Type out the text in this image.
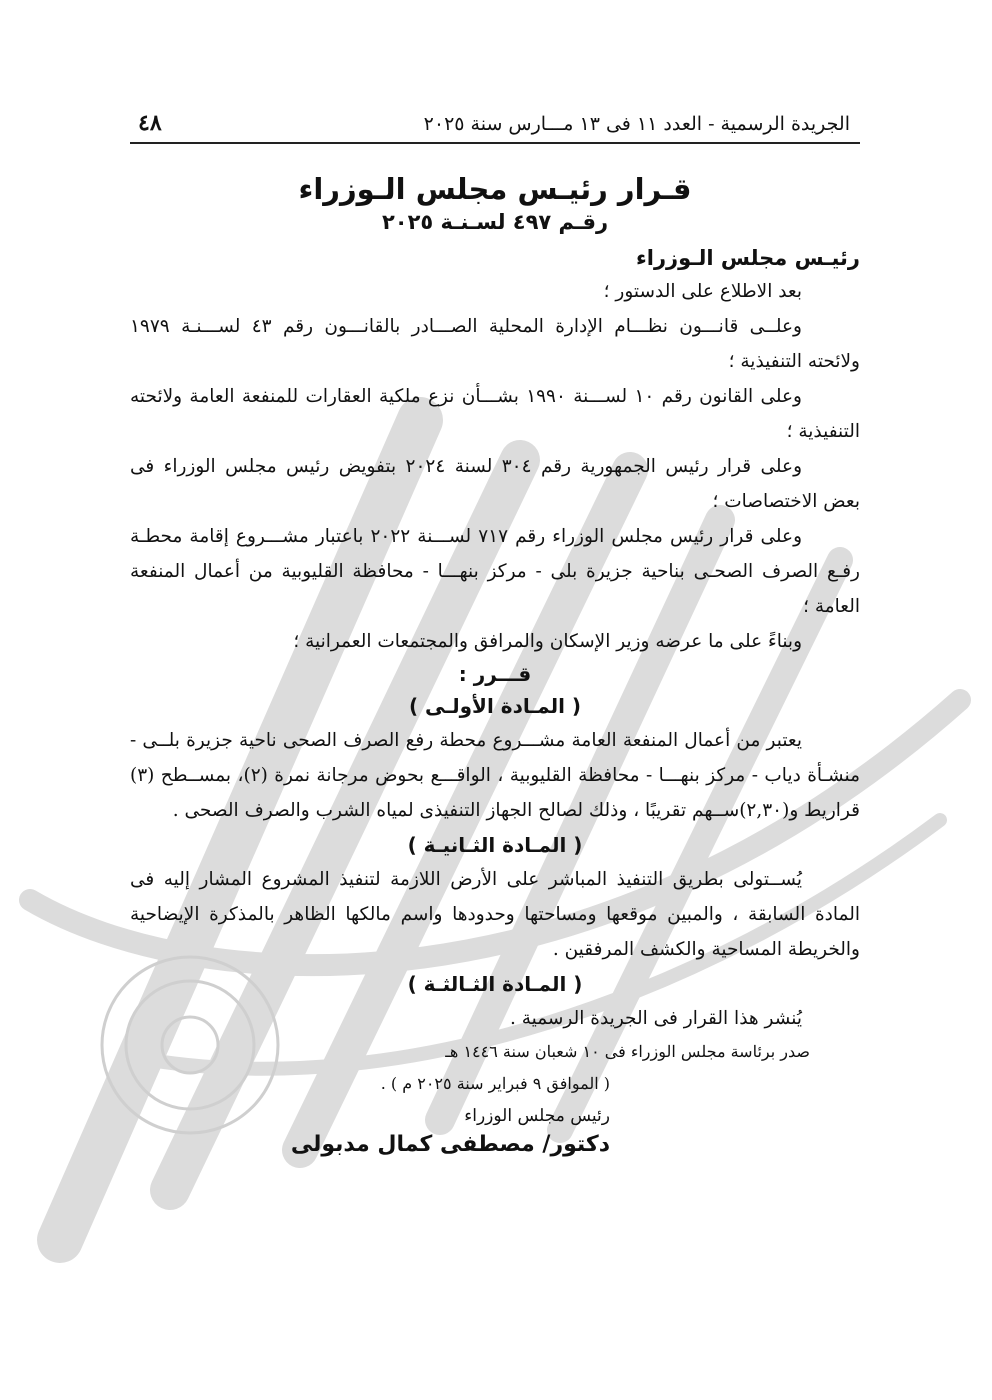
الجريدة الرسمية - العدد ١١ فى ١٣ مـــارس سنة ٢٠٢٥
٤٨
قـرار رئيـس مجلس الـوزراء
رقـم ٤٩٧ لسـنـة ٢٠٢٥
رئيـس مجلس الـوزراء

بعد الاطلاع على الدستور ؛

وعلــى قانـــون نظـــام الإدارة المحلية الصـــادر بالقانـــون رقم ٤٣ لســـنـة ١٩٧٩ ولائحته التنفيذية ؛

وعلى القانون رقم ١٠ لســـنة ١٩٩٠ بشـــأن نزع ملكية العقارات للمنفعة العامة ولائحته التنفيذية ؛

وعلى قرار رئيس الجمهورية رقم ٣٠٤ لسنة ٢٠٢٤ بتفويض رئيس مجلس الوزراء فى بعض الاختصاصات ؛

وعلى قرار رئيس مجلس الوزراء رقم ٧١٧ لســـنة ٢٠٢٢ باعتبار مشـــروع إقامة محطـة رفـع الصرف الصحـى بناحية جزيرة بلى - مركز بنهـــا - محافظة القليوبية من أعمال المنفعة العامة ؛

وبناءً على ما عرضه وزير الإسكان والمرافق والمجتمعات العمرانية ؛

قـــرر :
( المـادة الأولـى )

يعتبر من أعمال المنفعة العامة مشـــروع محطة رفع الصرف الصحى ناحية جزيرة بلــى - منشـأة دياب - مركز بنهـــا - محافظة القليوبية ، الواقـــع بحوض مرجانة نمرة (٢)، بمســطح (٣) قراريط و(٢,٣٠)ســهم تقريبًا ، وذلك لصالح الجهاز التنفيذى لمياه الشرب والصرف الصحى .

( المـادة الثـانيـة )

يُســتولى بطريق التنفيذ المباشر على الأرض اللازمة لتنفيذ المشروع المشار إليه فى المادة السابقة ، والمبين موقعها ومساحتها وحدودها واسم مالكها الظاهر بالمذكرة الإيضاحية والخريطة المساحية والكشف المرفقين .

( المـادة الثـالثـة )

يُنشر هذا القرار فى الجريدة الرسمية .

صدر برئاسة مجلس الوزراء فى ١٠ شعبان سنة ١٤٤٦ هـ
( الموافق ٩ فبراير سنة ٢٠٢٥ م ) .
رئيس مجلس الوزراء
دكتور/ مصطفى كمال مدبولى
